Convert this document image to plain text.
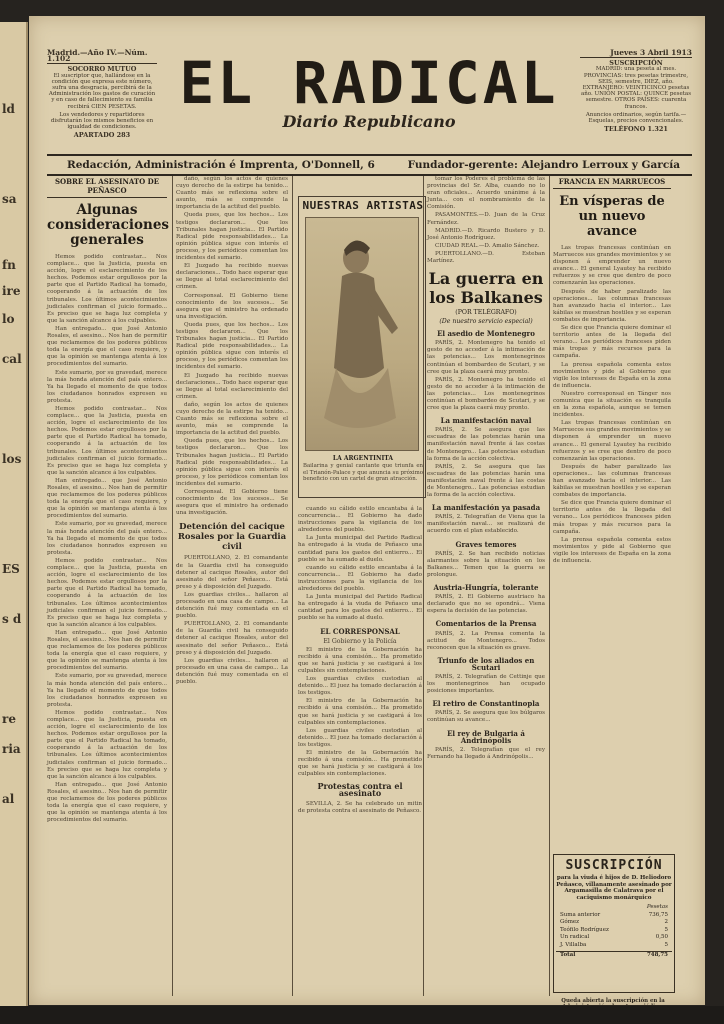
ld
sa
fn
ire
lo
cal
los
ES
s d
re
ria
al
Madrid.—Año IV.—Núm. 1.102
SOCORRO MUTUO
El suscriptor que, hallándose en la condición que expresa este número, sufra una desgracia, percibirá de la Administración los gastos de curación y en caso de fallecimiento su familia recibirá CIEN PESETAS.
Los vendedores y repartidores disfrutarán los mismos beneficios en igualdad de condiciones.
APARTADO 283
EL RADICAL
Diario Republicano
Jueves 3 Abril 1913
SUSCRIPCIÓN
MADRID: una peseta al mes. PROVINCIAS: tres pesetas trimestre, SEIS, semestre, DIEZ, año. EXTRANJERO: VEINTICINCO pesetas año. UNIÓN POSTAL: QUINCE pesetas semestre. OTROS PAÍSES: cuarenta francos.
Anuncios ordinarios, según tarifa.—Esquelas, precios convencionales.
TELÉFONO 1.321
Redacción, Administración é Imprenta, O'Donnell, 6	Fundador-gerente: Alejandro Lerroux y García
SOBRE EL ASESINATO DE PEÑASCO
Algunas consideraciones generales

Hemos podido contrastar... Nos complace... que la Justicia, puesta en acción, logre el esclarecimiento de los hechos. Podemos estar orgullosos por la parte que el Partido Radical ha tomado, cooperando á la actuación de los tribunales. Los últimos acontecimientos judiciales confirman el juicio formado... Es preciso que se haga luz completa y que la sanción alcance á los culpables.

Han entregado... que José Antonio Rosales, el asesino... Nos han de permitir que reclamemos de los poderes públicos toda la energía que el caso requiere, y que la opinión se mantenga atenta á los procedimientos del sumario.

Este sumario, por su gravedad, merece la más honda atención del país entero... Ya ha llegado el momento de que todos los ciudadanos honrados expresen su protesta.

Hemos podido contrastar... Nos complace... que la Justicia, puesta en acción, logre el esclarecimiento de los hechos. Podemos estar orgullosos por la parte que el Partido Radical ha tomado, cooperando á la actuación de los tribunales. Los últimos acontecimientos judiciales confirman el juicio formado... Es preciso que se haga luz completa y que la sanción alcance á los culpables.

Han entregado... que José Antonio Rosales, el asesino... Nos han de permitir que reclamemos de los poderes públicos toda la energía que el caso requiere, y que la opinión se mantenga atenta á los procedimientos del sumario.

Este sumario, por su gravedad, merece la más honda atención del país entero... Ya ha llegado el momento de que todos los ciudadanos honrados expresen su protesta.

Hemos podido contrastar... Nos complace... que la Justicia, puesta en acción, logre el esclarecimiento de los hechos. Podemos estar orgullosos por la parte que el Partido Radical ha tomado, cooperando á la actuación de los tribunales. Los últimos acontecimientos judiciales confirman el juicio formado... Es preciso que se haga luz completa y que la sanción alcance á los culpables.

Han entregado... que José Antonio Rosales, el asesino... Nos han de permitir que reclamemos de los poderes públicos toda la energía que el caso requiere, y que la opinión se mantenga atenta á los procedimientos del sumario.

Este sumario, por su gravedad, merece la más honda atención del país entero... Ya ha llegado el momento de que todos los ciudadanos honrados expresen su protesta.

Hemos podido contrastar... Nos complace... que la Justicia, puesta en acción, logre el esclarecimiento de los hechos. Podemos estar orgullosos por la parte que el Partido Radical ha tomado, cooperando á la actuación de los tribunales. Los últimos acontecimientos judiciales confirman el juicio formado... Es preciso que se haga luz completa y que la sanción alcance á los culpables.

Han entregado... que José Antonio Rosales, el asesino... Nos han de permitir que reclamemos de los poderes públicos toda la energía que el caso requiere, y que la opinión se mantenga atenta á los procedimientos del sumario.

daño, según los actos de quienes cuyo derecho de la estirpe ha tenido... Cuanto más se reflexiona sobre el asunto, más se comprende la importancia de la actitud del pueblo.

Queda pues, que los hechos... Los testigos declararon... Que los Tribunales hagan justicia... El Partido Radical pide responsabilidades... La opinión pública sigue con interés el proceso, y los periódicos comentan los incidentes del sumario.

El Juzgado ha recibido nuevas declaraciones... Todo hace esperar que se llegue al total esclarecimiento del crimen.

Corresponsal. El Gobierno tiene conocimiento de los sucesos... Se asegura que el ministro ha ordenado una investigación.

Queda pues, que los hechos... Los testigos declararon... Que los Tribunales hagan justicia... El Partido Radical pide responsabilidades... La opinión pública sigue con interés el proceso, y los periódicos comentan los incidentes del sumario.

El Juzgado ha recibido nuevas declaraciones... Todo hace esperar que se llegue al total esclarecimiento del crimen.

daño, según los actos de quienes cuyo derecho de la estirpe ha tenido... Cuanto más se reflexiona sobre el asunto, más se comprende la importancia de la actitud del pueblo.

Queda pues, que los hechos... Los testigos declararon... Que los Tribunales hagan justicia... El Partido Radical pide responsabilidades... La opinión pública sigue con interés el proceso, y los periódicos comentan los incidentes del sumario.

Corresponsal. El Gobierno tiene conocimiento de los sucesos... Se asegura que el ministro ha ordenado una investigación.

Detención del cacique Rosales por la Guardia civil

PUERTOLLANO, 2. El comandante de la Guardia civil ha conseguido detener al cacique Rosales, autor del asesinato del señor Peñasco... Está preso y á disposición del Juzgado.

Los guardias civiles... hallaron al procesado en una casa de campo... La detención fué muy comentada en el pueblo.

PUERTOLLANO, 2. El comandante de la Guardia civil ha conseguido detener al cacique Rosales, autor del asesinato del señor Peñasco... Está preso y á disposición del Juzgado.

Los guardias civiles... hallaron al procesado en una casa de campo... La detención fué muy comentada en el pueblo.

NUESTRAS ARTISTAS
LA ARGENTINITA
Bailarina y genial cantante que triunfa en el Trianón-Palace y que anuncia su próximo beneficio con un cartel de gran atracción.

cuando su cálido estilo encantaba á la concurrencia... El Gobierno ha dado instrucciones para la vigilancia de los alrededores del pueblo.

La Junta municipal del Partido Radical ha entregado á la viuda de Peñasco una cantidad para los gastos del entierro... El pueblo se ha sumado al duelo.

cuando su cálido estilo encantaba á la concurrencia... El Gobierno ha dado instrucciones para la vigilancia de los alrededores del pueblo.

La Junta municipal del Partido Radical ha entregado á la viuda de Peñasco una cantidad para los gastos del entierro... El pueblo se ha sumado al duelo.

EL CORRESPONSAL
El Gobierno y la Policía

El ministro de la Gobernación ha recibido á una comisión... Ha prometido que se hará justicia y se castigará á los culpables sin contemplaciones.

Los guardias civiles custodian al detenido... El juez ha tomado declaración á los testigos.

El ministro de la Gobernación ha recibido á una comisión... Ha prometido que se hará justicia y se castigará á los culpables sin contemplaciones.

Los guardias civiles custodian al detenido... El juez ha tomado declaración á los testigos.

El ministro de la Gobernación ha recibido á una comisión... Ha prometido que se hará justicia y se castigará á los culpables sin contemplaciones.

Protestas contra el asesinato

SEVILLA, 2. Se ha celebrado un mitin de protesta contra el asesinato de Peñasco.

tomar los Poderes el problema de las provincias del Sr. Alba, cuando no lo eran oficiales... Acuerdo unánime á la Junta... con el nombramiento de la Comisión.

PASAMONTES.—D. Juan de la Cruz Fernández.

MADRID.—D. Ricardo Bustero y D. José Antonio Rodríguez.

CIUDAD REAL.—D. Amalio Sánchez.

PUERTOLLANO.—D. Esteban Martínez.

La guerra en los Balkanes
(POR TELÉGRAFO)
(De nuestro servicio especial)
El asedio de Montenegro

PARÍS, 2. Montenegro ha tenido el gesto de no acceder á la intimación de las potencias... Los montenegrinos continúan el bombardeo de Scutari, y se cree que la plaza caerá muy pronto.

PARÍS, 2. Montenegro ha tenido el gesto de no acceder á la intimación de las potencias... Los montenegrinos continúan el bombardeo de Scutari, y se cree que la plaza caerá muy pronto.

La manifestación naval

PARÍS, 2. Se asegura que las escuadras de las potencias harán una manifestación naval frente á las costas de Montenegro... Las potencias estudian la forma de la acción colectiva.

PARÍS, 2. Se asegura que las escuadras de las potencias harán una manifestación naval frente á las costas de Montenegro... Las potencias estudian la forma de la acción colectiva.

La manifestación ya pasada

PARÍS, 2. Telegrafían de Viena que la manifestación naval... se realizará de acuerdo con el plan establecido.

Graves temores

PARÍS, 2. Se han recibido noticias alarmantes sobre la situación en los Balkanes... Temen que la guerra se prolongue.

Austria-Hungría, tolerante

PARÍS, 2. El Gobierno austriaco ha declarado que no se opondrá... Viena espera la decisión de las potencias.

Comentarios de la Prensa

PARÍS, 2. La Prensa comenta la actitud de Montenegro... Todos reconocen que la situación es grave.

Triunfo de los aliados en Scutari

PARÍS, 2. Telegrafían de Cettinje que los montenegrinos han ocupado posiciones importantes.

El retiro de Constantinopla

PARÍS, 2. Se asegura que los búlgaros continúan su avance...

El rey de Bulgaria á Andrinópolis

PARÍS, 2. Telegrafían que el rey Fernando ha llegado á Andrinópolis...

FRANCIA EN MARRUECOS
En vísperas de un nuevo avance

Las tropas francesas continúan en Marruecos sus grandes movimientos y se disponen á emprender un nuevo avance... El general Lyautey ha recibido refuerzos y se cree que dentro de poco comenzarán las operaciones.

Después de haber paralizado las operaciones... las columnas francesas han avanzado hacia el interior... Las kábilas se muestran hostiles y se esperan combates de importancia.

Se dice que Francia quiere dominar el territorio antes de la llegada del verano... Los periódicos franceses piden más tropas y más recursos para la campaña.

La prensa española comenta estos movimientos y pide al Gobierno que vigile los intereses de España en la zona de influencia.

Nuestro corresponsal en Tánger nos comunica que la situación es tranquila en la zona española, aunque se temen incidentes.

Las tropas francesas continúan en Marruecos sus grandes movimientos y se disponen á emprender un nuevo avance... El general Lyautey ha recibido refuerzos y se cree que dentro de poco comenzarán las operaciones.

Después de haber paralizado las operaciones... las columnas francesas han avanzado hacia el interior... Las kábilas se muestran hostiles y se esperan combates de importancia.

Se dice que Francia quiere dominar el territorio antes de la llegada del verano... Los periódicos franceses piden más tropas y más recursos para la campaña.

La prensa española comenta estos movimientos y pide al Gobierno que vigile los intereses de España en la zona de influencia.

SUSCRIPCIÓN
para la viuda é hijos de D. Heliodoro Peñasco, villanamente asesinado por Argamasilla de Calatrava por el caciquismo monárquico
Pesetas
Suma anterior	736,75
Gómez	2
Teófilo Rodríguez	5
Un radical	0,50
J. Villalba	5
Total	748,75
Queda abierta la suscripción en la
